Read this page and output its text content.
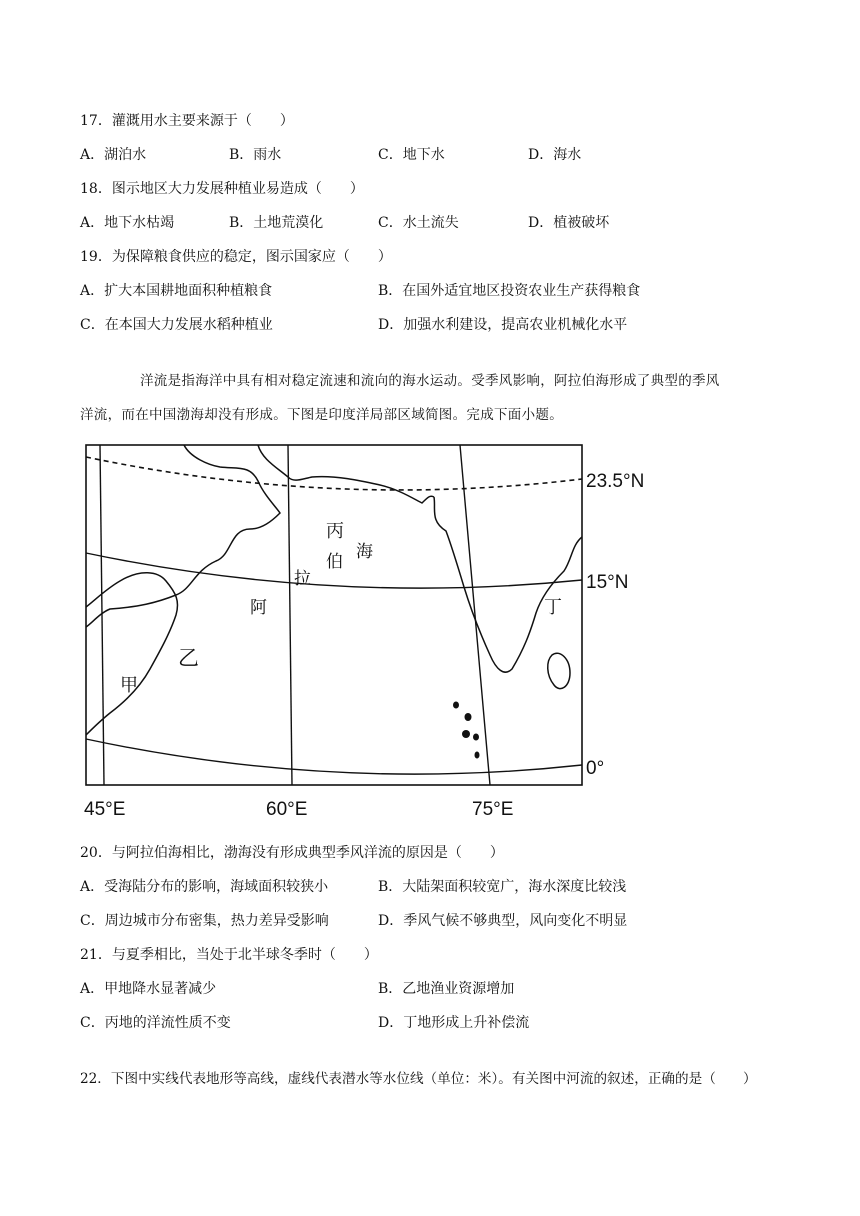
17．灌溉用水主要来源于（　　）
A．湖泊水	B．雨水	C．地下水	D．海水
18．图示地区大力发展种植业易造成（　　）
A．地下水枯竭	B．土地荒漠化	C．水土流失	D．植被破坏
19．为保障粮食供应的稳定，图示国家应（　　）
A．扩大本国耕地面积种植粮食	B．在国外适宜地区投资农业生产获得粮食
C．在本国大力发展水稻种植业	D．加强水利建设，提高农业机械化水平
洋流是指海洋中具有相对稳定流速和流向的海水运动。受季风影响，阿拉伯海形成了典型的季风
洋流，而在中国渤海却没有形成。下图是印度洋局部区域简图。完成下面小题。
23.5°N
15°N
0°
45°E	60°E	75°E
丙
海
伯
拉
阿	丁
乙
甲
20．与阿拉伯海相比，渤海没有形成典型季风洋流的原因是（　　）
A．受海陆分布的影响，海域面积较狭小	B．大陆架面积较宽广，海水深度比较浅
C．周边城市分布密集，热力差异受影响	D．季风气候不够典型，风向变化不明显
21．与夏季相比，当处于北半球冬季时（　　）
A．甲地降水显著减少	B．乙地渔业资源增加
C．丙地的洋流性质不变	D．丁地形成上升补偿流
22．下图中实线代表地形等高线，虚线代表潜水等水位线（单位：米）。有关图中河流的叙述，正确的是（　　）
